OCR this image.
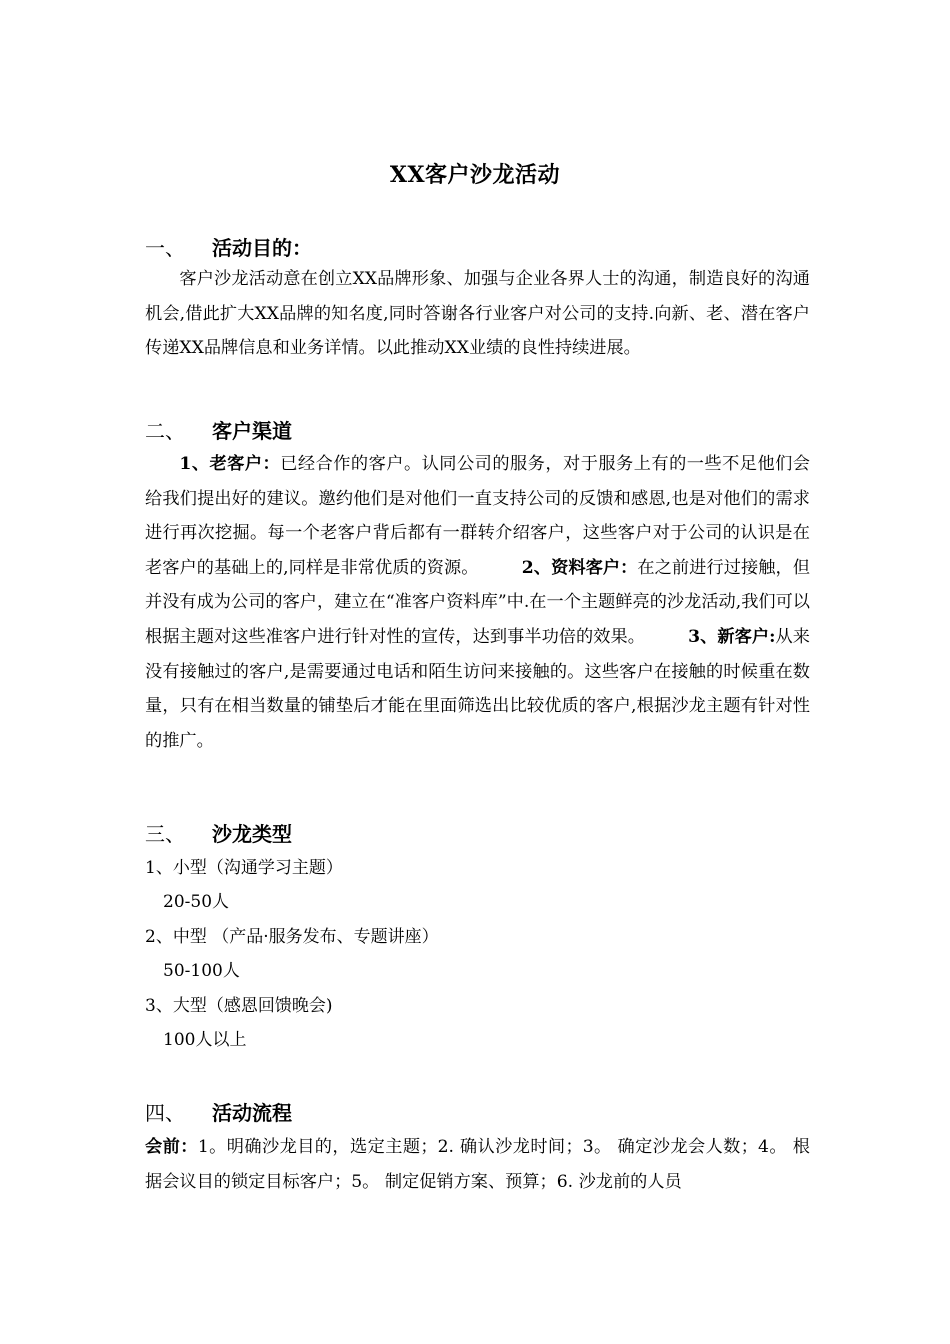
XX客户沙龙活动
一、 活动目的：
客户沙龙活动意在创立XX品牌形象、加强与企业各界人士的沟通，制造良好的沟通机会,借此扩大XX品牌的知名度,同时答谢各行业客户对公司的支持.向新、老、潜在客户传递XX品牌信息和业务详情。以此推动XX业绩的良性持续进展。
二、 客户渠道
1、老客户：已经合作的客户。认同公司的服务，对于服务上有的一些不足他们会给我们提出好的建议。邀约他们是对他们一直支持公司的反馈和感恩,也是对他们的需求进行再次挖掘。每一个老客户背后都有一群转介绍客户，这些客户对于公司的认识是在老客户的基础上的,同样是非常优质的资源。　　　	2、资料客户：在之前进行过接触，但并没有成为公司的客户，建立在“准客户资料库”中.在一个主题鲜亮的沙龙活动,我们可以根据主题对这些准客户进行针对性的宣传，达到事半功倍的效果。　　　	3、新客户:从来没有接触过的客户,是需要通过电话和陌生访问来接触的。这些客户在接触的时候重在数量，只有在相当数量的铺垫后才能在里面筛选出比较优质的客户,根据沙龙主题有针对性的推广。
三、 沙龙类型
1、小型（沟通学习主题）
20-50人
2、中型 （产品·服务发布、专题讲座）
50-100人
3、大型（感恩回馈晚会)
100人以上
四、 活动流程
会前：1。明确沙龙目的，选定主题；2. 确认沙龙时间；3。 确定沙龙会人数；4。 根据会议目的锁定目标客户；5。 制定促销方案、预算；6. 沙龙前的人员
